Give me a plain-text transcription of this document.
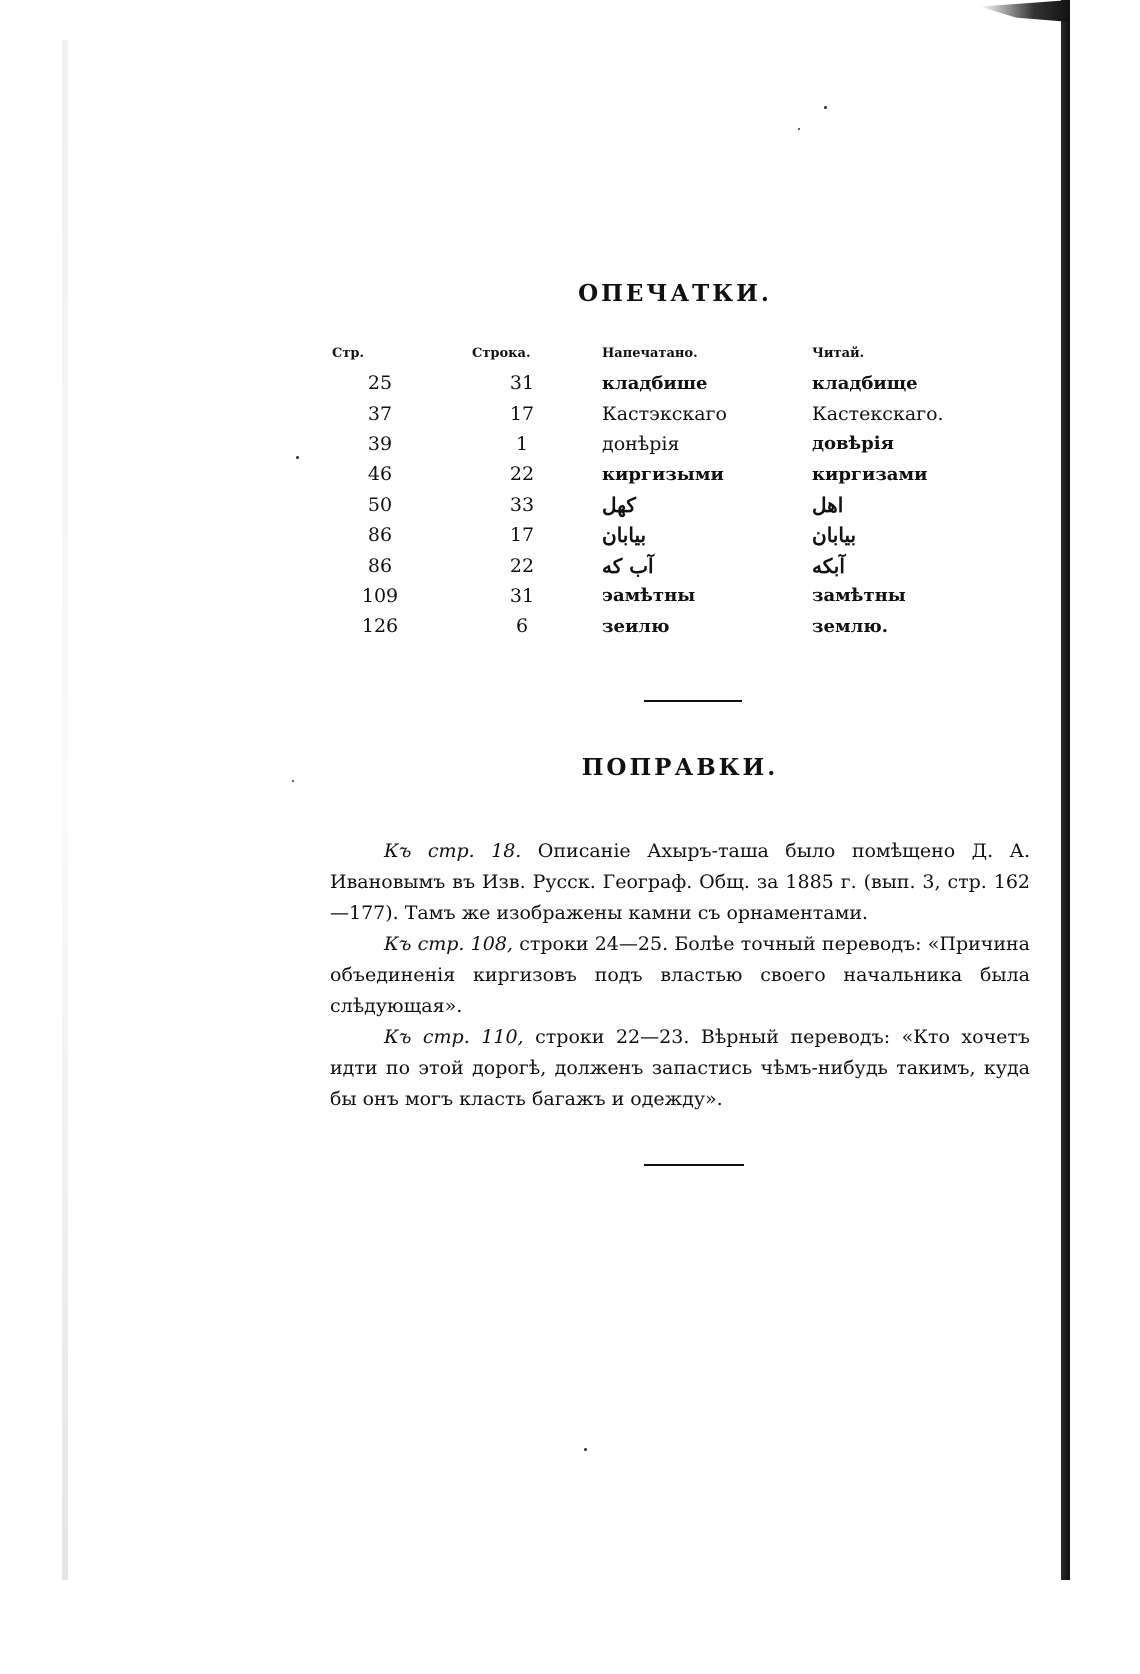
ОПЕЧАТКИ.
Стр.	Строка.	Напечатано.	Читай.
25	31	кладбише	кладбище
37	17	Кастэкскаго	Кастекскаго.
39	1	донѣрія	довѣрія
46	22	киргизыми	киргизами
50	33	كهل	اهل
86	17	بيابان	بيابان
86	22	آب كه	آبكه
109	31	эамѣтны	замѣтны
126	6	зеилю	землю.
ПОПРАВКИ.

Къ стр. 18. Описаніе Ахыръ-таша было помѣщено Д. А. Ивановымъ въ Изв. Русск. Географ. Общ. за 1885 г. (вып. 3, стр. 162—177). Тамъ же изображены камни съ орнаментами.

Къ стр. 108, строки 24—25. Болѣе точный переводъ: «Причина объединенія киргизовъ подъ властью своего начальника была слѣдующая».

Къ стр. 110, строки 22—23. Вѣрный переводъ: «Кто хочетъ идти по этой дорогѣ, долженъ запастись чѣмъ-нибудь такимъ, куда бы онъ могъ класть багажъ и одежду».
